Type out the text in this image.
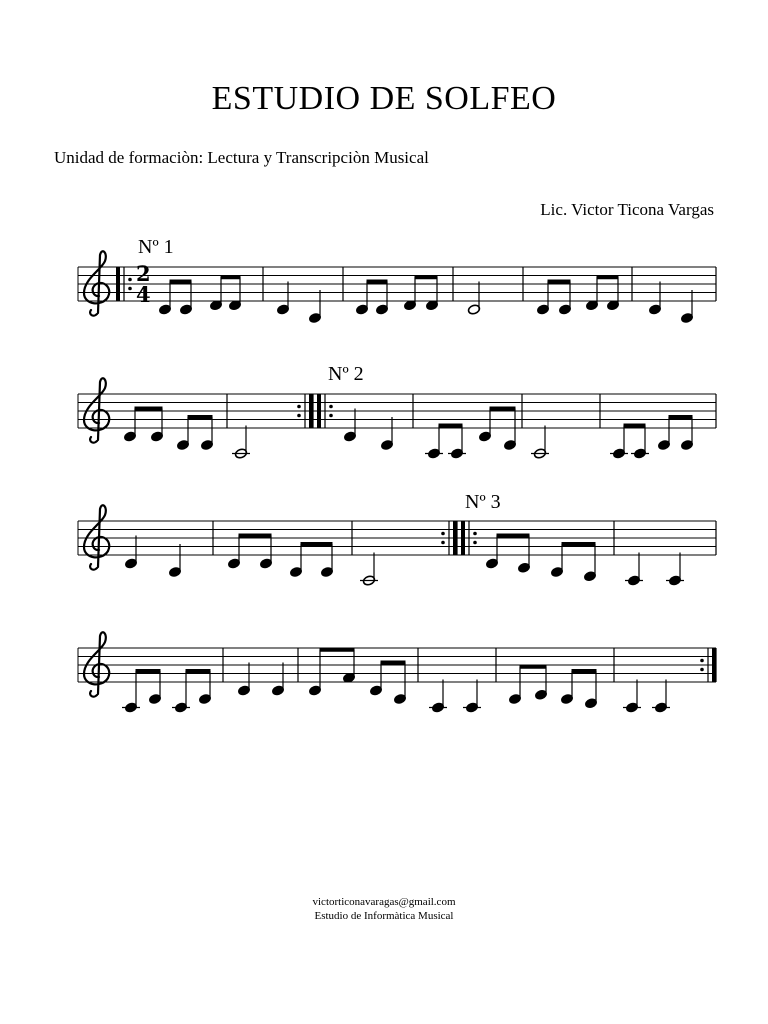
ESTUDIO DE SOLFEO
Unidad de formaciòn: Lectura y Transcripciòn Musical
Lic. Victor Ticona Vargas
Nº 1
Nº 2
Nº 3
2
4
victorticonavaragas@gmail.com
Estudio de Informàtica Musical
